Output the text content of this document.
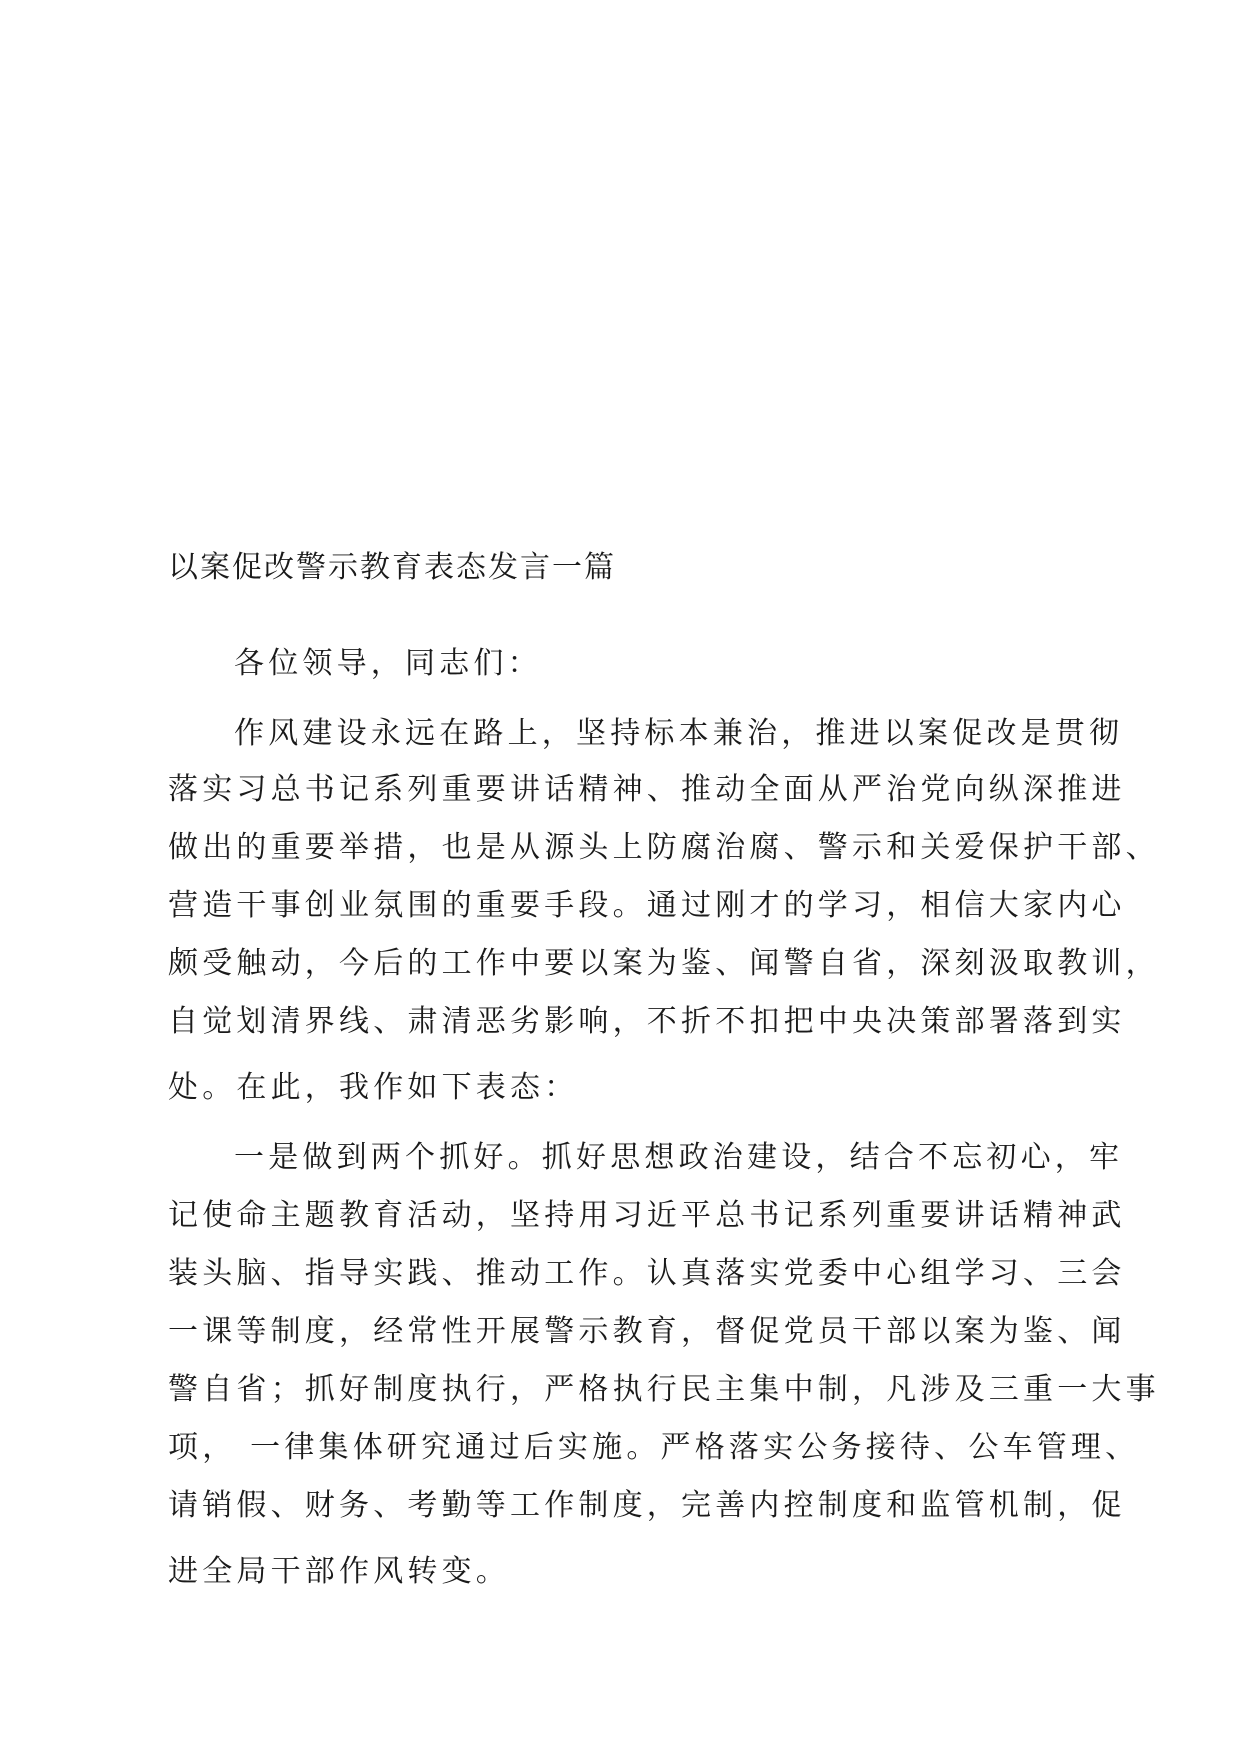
以案促改警示教育表态发言一篇
各位领导，同志们：
作风建设永远在路上，坚持标本兼治，推进以案促改是贯彻
落实习总书记系列重要讲话精神、推动全面从严治党向纵深推进
做出的重要举措，也是从源头上防腐治腐、警示和关爱保护干部、
营造干事创业氛围的重要手段。通过刚才的学习，相信大家内心
颇受触动，今后的工作中要以案为鉴、闻警自省，深刻汲取教训，
自觉划清界线、肃清恶劣影响，不折不扣把中央决策部署落到实
处。在此，我作如下表态：
一是做到两个抓好。抓好思想政治建设，结合不忘初心，牢
记使命主题教育活动，坚持用习近平总书记系列重要讲话精神武
装头脑、指导实践、推动工作。认真落实党委中心组学习、三会
一课等制度，经常性开展警示教育，督促党员干部以案为鉴、闻
警自省；抓好制度执行，严格执行民主集中制，凡涉及三重一大事
项， 一律集体研究通过后实施。严格落实公务接待、公车管理、
请销假、财务、考勤等工作制度，完善内控制度和监管机制，促
进全局干部作风转变。
